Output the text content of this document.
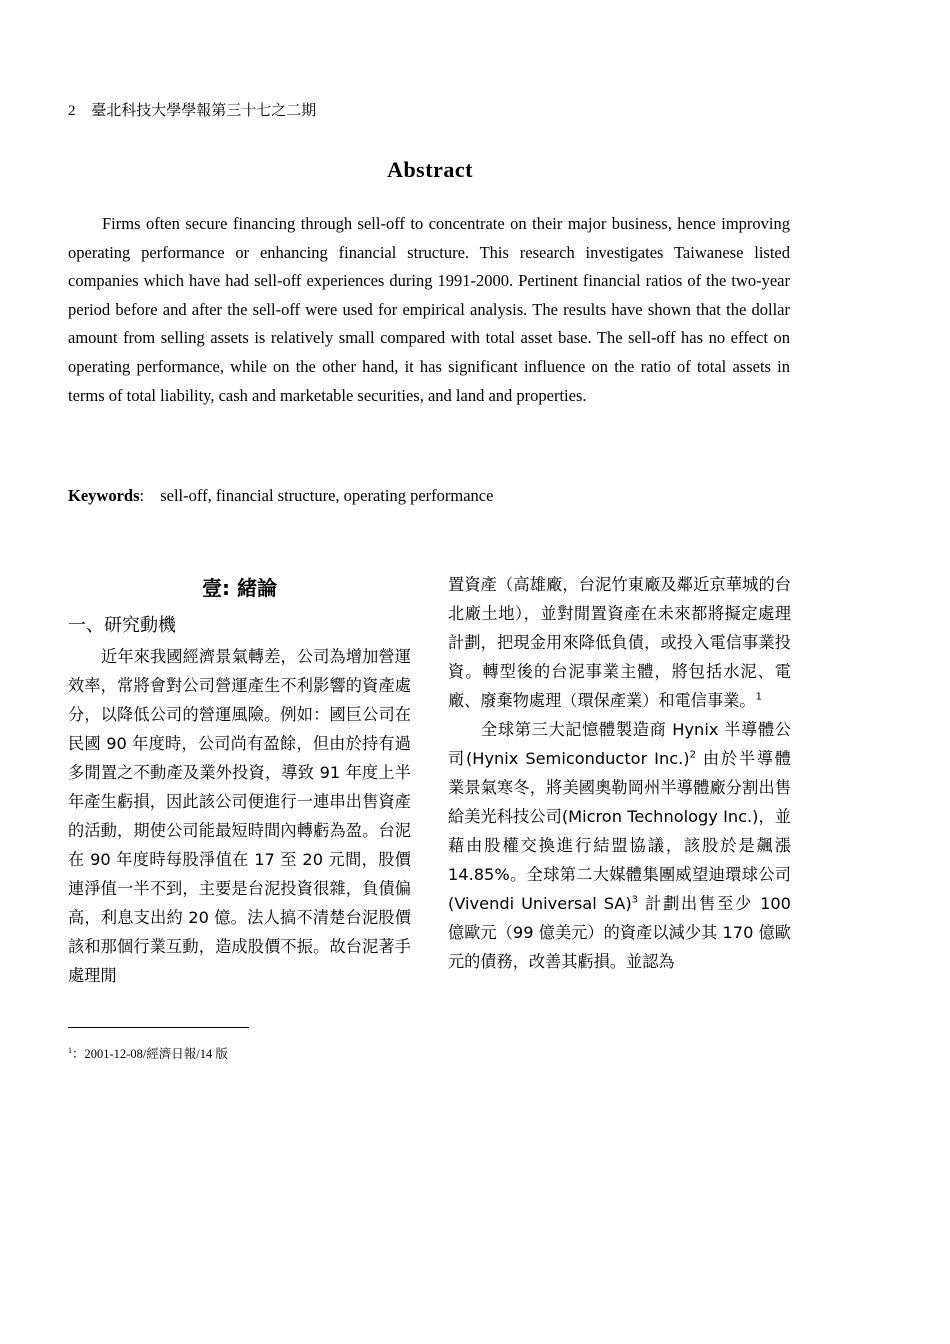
2 臺北科技大學學報第三十七之二期
Abstract

Firms often secure financing through sell-off to concentrate on their major business, hence improving operating performance or enhancing financial structure. This research investigates Taiwanese listed companies which have had sell-off experiences during 1991-2000. Pertinent financial ratios of the two-year period before and after the sell-off were used for empirical analysis. The results have shown that the dollar amount from selling assets is relatively small compared with total asset base. The sell-off has no effect on operating performance, while on the other hand, it has significant influence on the ratio of total assets in terms of total liability, cash and marketable securities, and land and properties.

Keywords: sell-off, financial structure, operating performance
壹: 緒論
一、研究動機

近年來我國經濟景氣轉差，公司為增加營運效率，常將會對公司營運產生不利影響的資產處分，以降低公司的營運風險。例如：國巨公司在民國 90 年度時，公司尚有盈餘，但由於持有過多閒置之不動產及業外投資，導致 91 年度上半年產生虧損，因此該公司便進行一連串出售資產的活動，期使公司能最短時間內轉虧為盈。台泥在 90 年度時每股淨值在 17 至 20 元間，股價連淨值一半不到，主要是台泥投資很雜，負債偏高，利息支出約 20 億。法人搞不清楚台泥股價該和那個行業互動，造成股價不振。故台泥著手處理閒

置資產（高雄廠，台泥竹東廠及鄰近京華城的台北廠土地），並對閒置資產在未來都將擬定處理計劃，把現金用來降低負債，或投入電信事業投資。轉型後的台泥事業主體，將包括水泥、電廠、廢棄物處理（環保產業）和電信事業。$^1$

全球第三大記憶體製造商 Hynix 半導體公司(Hynix Semiconductor Inc.)$^2$ 由於半導體業景氣寒冬，將美國奧勒岡州半導體廠分割出售給美光科技公司(Micron Technology Inc.)，並藉由股權交換進行結盟協議，該股於是飆漲 14.85%。全球第二大媒體集團威望迪環球公司(Vivendi Universal SA)$^3$ 計劃出售至少 100 億歐元（99 億美元）的資產以減少其 170 億歐元的債務，改善其虧損。並認為

$^1$：2001-12-08/經濟日報/14 版
